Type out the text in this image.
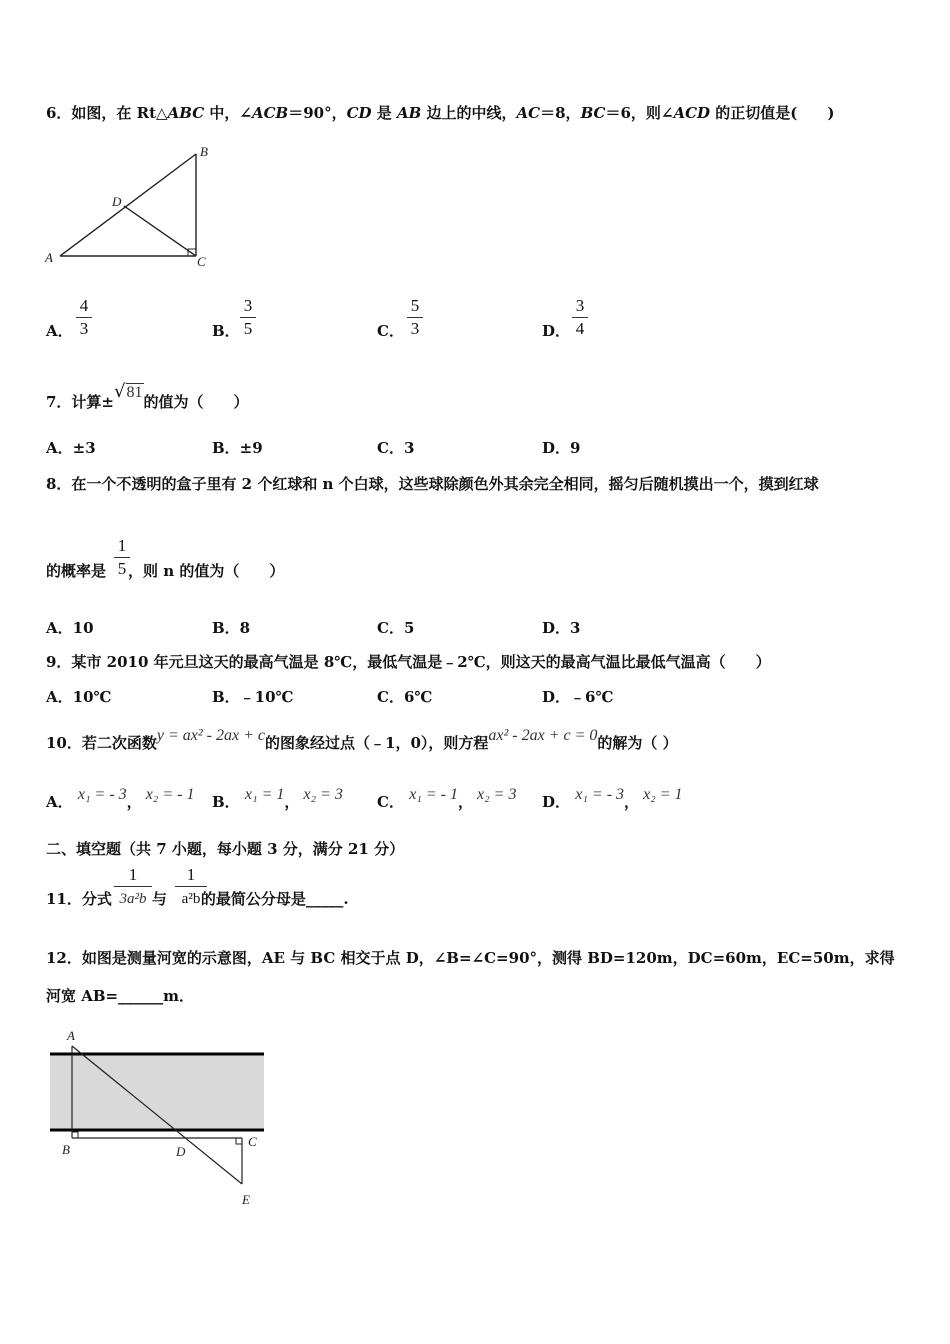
6．如图，在 Rt△ABC 中，∠ACB＝90°，CD 是 AB 边上的中线，AC＝8，BC＝6，则∠ACD 的正切值是(　　)
A
B
C
D
A．
4
3	B．
3
5	C．
5
3	D．
3
4
7．计算±√81的值为（　　）
A．±3	B．±9	C．3	D．9
8．在一个不透明的盒子里有 2 个红球和 n 个白球，这些球除颜色外其余完全相同，摇匀后随机摸出一个，摸到红球
的概率是 ，则 n 的值为（　　）
1
5
A．10	B．8	C．5	D．3
9．某市 2010 年元旦这天的最高气温是 8℃，最低气温是﹣2℃，则这天的最高气温比最低气温高（　　）
A．10℃	B．﹣10℃	C．6℃	D．﹣6℃
10．若二次函数y = ax² - 2ax + c的图象经过点（﹣1，0），则方程ax² - 2ax + c = 0的解为（ ）
A． x₁ = - 3， x₂ = - 1 B． x₁ = 1， x₂ = 3 C． x₁ = - 1， x₂ = 3 D． x₁ = - 3， x₂ = 1
二、填空题（共 7 小题，每小题 3 分，满分 21 分）
11．分式	与 的最简公分母是_____.
1
3a²b
1
a²b
12．如图是测量河宽的示意图，AE 与 BC 相交于点 D，∠B=∠C=90°，测得 BD=120m，DC=60m，EC=50m，求得
河宽 AB=______m．
A
B
C
D
E
